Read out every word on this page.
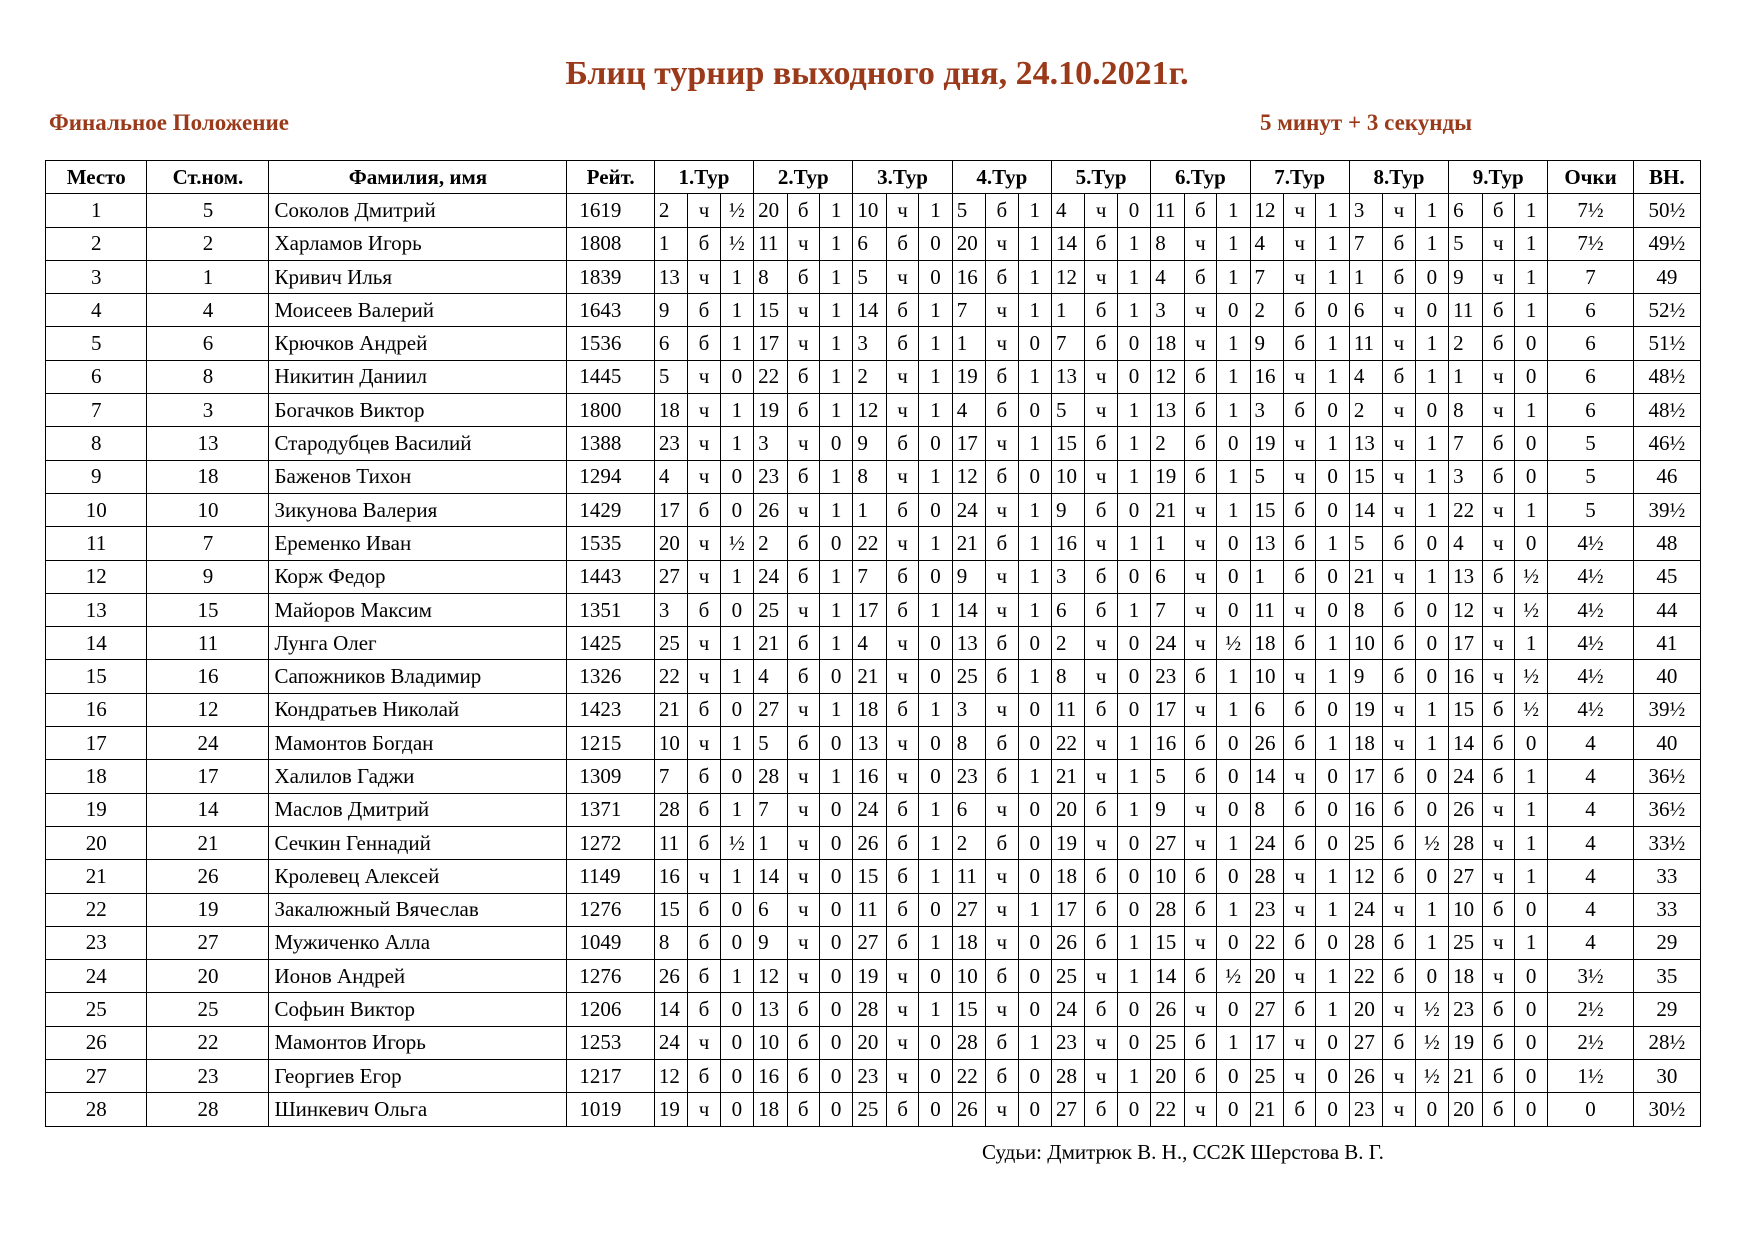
Блиц турнир выходного дня, 24.10.2021г.
Финальное Положение	5 минут + 3 секунды
Место	Ст.ном.	Фамилия, имя	Рейт.	1.Тур			2.Тур			3.Тур			4.Тур			5.Тур			6.Тур			7.Тур			8.Тур			9.Тур			Очки	ВН.
1	5	Соколов Дмитрий	1619	2	ч	½	20	б	1	10	ч	1	5	б	1	4	ч	0	11	б	1	12	ч	1	3	ч	1	6	б	1	7½	50½
2	2	Харламов Игорь	1808	1	б	½	11	ч	1	6	б	0	20	ч	1	14	б	1	8	ч	1	4	ч	1	7	б	1	5	ч	1	7½	49½
3	1	Кривич Илья	1839	13	ч	1	8	б	1	5	ч	0	16	б	1	12	ч	1	4	б	1	7	ч	1	1	б	0	9	ч	1	7	49
4	4	Моисеев Валерий	1643	9	б	1	15	ч	1	14	б	1	7	ч	1	1	б	1	3	ч	0	2	б	0	6	ч	0	11	б	1	6	52½
5	6	Крючков Андрей	1536	6	б	1	17	ч	1	3	б	1	1	ч	0	7	б	0	18	ч	1	9	б	1	11	ч	1	2	б	0	6	51½
6	8	Никитин Даниил	1445	5	ч	0	22	б	1	2	ч	1	19	б	1	13	ч	0	12	б	1	16	ч	1	4	б	1	1	ч	0	6	48½
7	3	Богачков Виктор	1800	18	ч	1	19	б	1	12	ч	1	4	б	0	5	ч	1	13	б	1	3	б	0	2	ч	0	8	ч	1	6	48½
8	13	Стародубцев Василий	1388	23	ч	1	3	ч	0	9	б	0	17	ч	1	15	б	1	2	б	0	19	ч	1	13	ч	1	7	б	0	5	46½
9	18	Баженов Тихон	1294	4	ч	0	23	б	1	8	ч	1	12	б	0	10	ч	1	19	б	1	5	ч	0	15	ч	1	3	б	0	5	46
10	10	Зикунова Валерия	1429	17	б	0	26	ч	1	1	б	0	24	ч	1	9	б	0	21	ч	1	15	б	0	14	ч	1	22	ч	1	5	39½
11	7	Еременко Иван	1535	20	ч	½	2	б	0	22	ч	1	21	б	1	16	ч	1	1	ч	0	13	б	1	5	б	0	4	ч	0	4½	48
12	9	Корж Федор	1443	27	ч	1	24	б	1	7	б	0	9	ч	1	3	б	0	6	ч	0	1	б	0	21	ч	1	13	б	½	4½	45
13	15	Майоров Максим	1351	3	б	0	25	ч	1	17	б	1	14	ч	1	6	б	1	7	ч	0	11	ч	0	8	б	0	12	ч	½	4½	44
14	11	Лунга Олег	1425	25	ч	1	21	б	1	4	ч	0	13	б	0	2	ч	0	24	ч	½	18	б	1	10	б	0	17	ч	1	4½	41
15	16	Сапожников Владимир	1326	22	ч	1	4	б	0	21	ч	0	25	б	1	8	ч	0	23	б	1	10	ч	1	9	б	0	16	ч	½	4½	40
16	12	Кондратьев Николай	1423	21	б	0	27	ч	1	18	б	1	3	ч	0	11	б	0	17	ч	1	6	б	0	19	ч	1	15	б	½	4½	39½
17	24	Мамонтов Богдан	1215	10	ч	1	5	б	0	13	ч	0	8	б	0	22	ч	1	16	б	0	26	б	1	18	ч	1	14	б	0	4	40
18	17	Халилов Гаджи	1309	7	б	0	28	ч	1	16	ч	0	23	б	1	21	ч	1	5	б	0	14	ч	0	17	б	0	24	б	1	4	36½
19	14	Маслов Дмитрий	1371	28	б	1	7	ч	0	24	б	1	6	ч	0	20	б	1	9	ч	0	8	б	0	16	б	0	26	ч	1	4	36½
20	21	Сечкин Геннадий	1272	11	б	½	1	ч	0	26	б	1	2	б	0	19	ч	0	27	ч	1	24	б	0	25	б	½	28	ч	1	4	33½
21	26	Кролевец Алексей	1149	16	ч	1	14	ч	0	15	б	1	11	ч	0	18	б	0	10	б	0	28	ч	1	12	б	0	27	ч	1	4	33
22	19	Закалюжный Вячеслав	1276	15	б	0	6	ч	0	11	б	0	27	ч	1	17	б	0	28	б	1	23	ч	1	24	ч	1	10	б	0	4	33
23	27	Мужиченко Алла	1049	8	б	0	9	ч	0	27	б	1	18	ч	0	26	б	1	15	ч	0	22	б	0	28	б	1	25	ч	1	4	29
24	20	Ионов Андрей	1276	26	б	1	12	ч	0	19	ч	0	10	б	0	25	ч	1	14	б	½	20	ч	1	22	б	0	18	ч	0	3½	35
25	25	Софьин Виктор	1206	14	б	0	13	б	0	28	ч	1	15	ч	0	24	б	0	26	ч	0	27	б	1	20	ч	½	23	б	0	2½	29
26	22	Мамонтов Игорь	1253	24	ч	0	10	б	0	20	ч	0	28	б	1	23	ч	0	25	б	1	17	ч	0	27	б	½	19	б	0	2½	28½
27	23	Георгиев Егор	1217	12	б	0	16	б	0	23	ч	0	22	б	0	28	ч	1	20	б	0	25	ч	0	26	ч	½	21	б	0	1½	30
28	28	Шинкевич Ольга	1019	19	ч	0	18	б	0	25	б	0	26	ч	0	27	б	0	22	ч	0	21	б	0	23	ч	0	20	б	0	0	30½
Судьи: Дмитрюк В. Н., СС2К Шерстова В. Г.
